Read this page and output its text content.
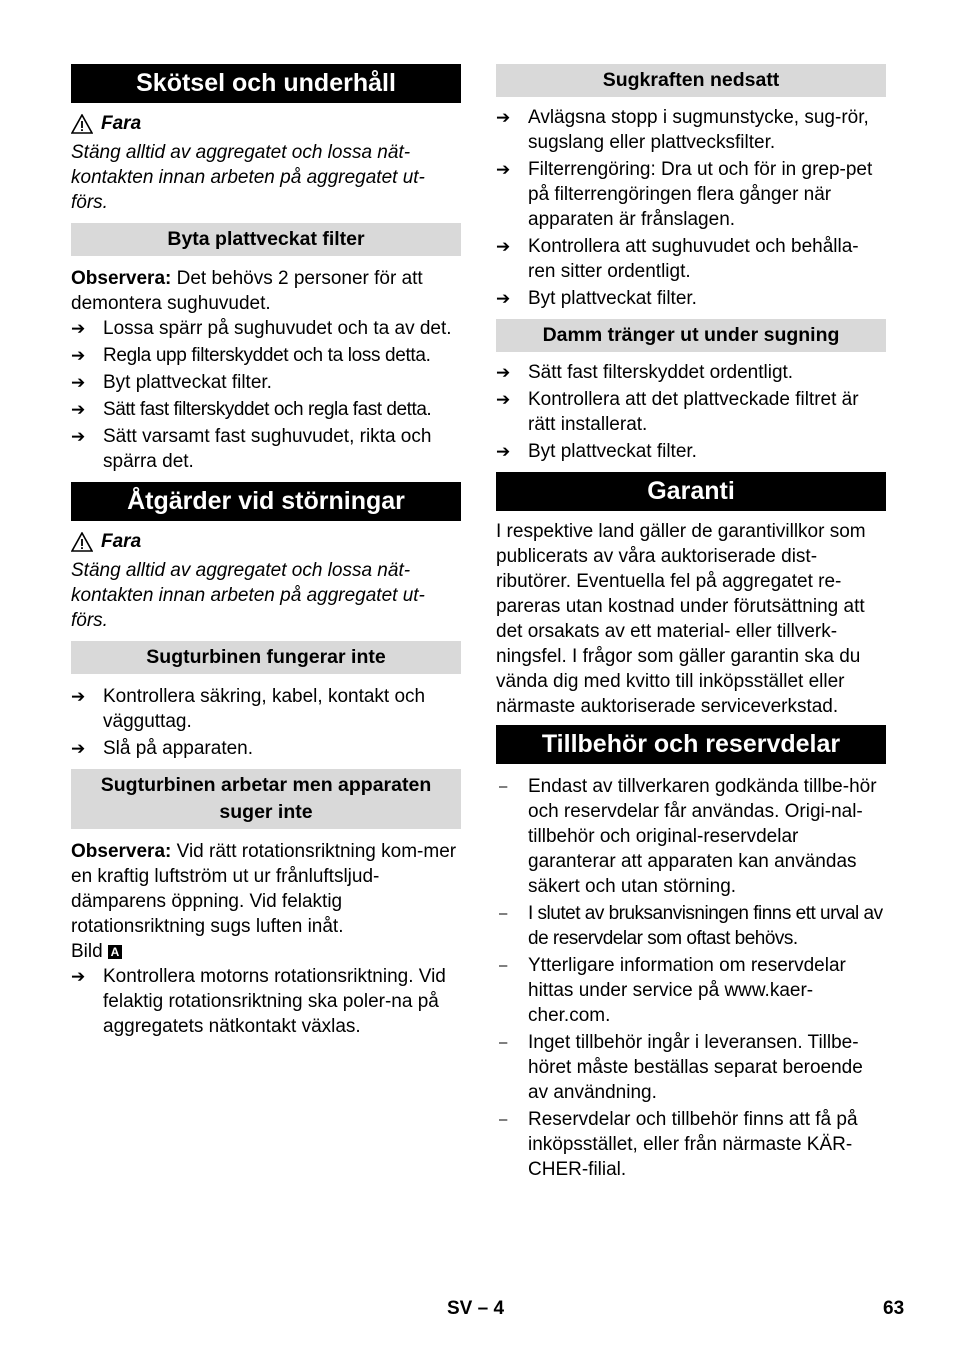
Skötsel och underhåll
Fara

Stäng alltid av aggregatet och lossa nät-kontakten innan arbeten på aggregatet ut-förs.

Byta plattveckat filter

Observera: Det behövs 2 personer för att demontera sughuvudet.

➔ Lossa spärr på sughuvudet och ta av det.
➔ Regla upp filterskyddet och ta loss detta.
➔ Byt plattveckat filter.
➔ Sätt fast filterskyddet och regla fast detta.
➔ Sätt varsamt fast sughuvudet, rikta och spärra det.
Åtgärder vid störningar
Fara

Stäng alltid av aggregatet och lossa nät-kontakten innan arbeten på aggregatet ut-förs.

Sugturbinen fungerar inte
➔ Kontrollera säkring, kabel, kontakt och vägguttag.
➔ Slå på apparaten.
Sugturbinen arbetar men apparaten suger inte

Observera: Vid rätt rotationsriktning kom-mer en kraftig luftström ut ur frånluftsljud-dämparens öppning. Vid felaktig rotationsriktning sugs luften inåt.

Bild A

➔ Kontrollera motorns rotationsriktning. Vid felaktig rotationsriktning ska poler-na på aggregatets nätkontakt växlas.
Sugkraften nedsatt
➔ Avlägsna stopp i sugmunstycke, sug-rör, sugslang eller plattvecksfilter.
➔ Filterrengöring: Dra ut och för in grep-pet på filterrengöringen flera gånger när apparaten är frånslagen.
➔ Kontrollera att sughuvudet och behålla-ren sitter ordentligt.
➔ Byt plattveckat filter.
Damm tränger ut under sugning
➔ Sätt fast filterskyddet ordentligt.
➔ Kontrollera att det plattveckade filtret är rätt installerat.
➔ Byt plattveckat filter.
Garanti

I respektive land gäller de garantivillkor som publicerats av våra auktoriserade dist-ributörer. Eventuella fel på aggregatet re-pareras utan kostnad under förutsättning att det orsakats av ett material- eller tillverk-ningsfel. I frågor som gäller garantin ska du vända dig med kvitto till inköpsstället eller närmaste auktoriserade serviceverkstad.

Tillbehör och reservdelar
–	Endast av tillverkaren godkända tillbe-hör och reservdelar får användas. Origi-nal-tillbehör och original-reservdelar garanterar att apparaten kan användas säkert och utan störning.
–	I slutet av bruksanvisningen finns ett urval av de reservdelar som oftast behövs.
–	Ytterligare information om reservdelar hittas under service på www.kaer-cher.com.
–	Inget tillbehör ingår i leveransen. Tillbe-höret måste beställas separat beroende av användning.
–	Reservdelar och tillbehör finns att få på inköpsstället, eller från närmaste KÄR-CHER-filial.
SV – 4	63
